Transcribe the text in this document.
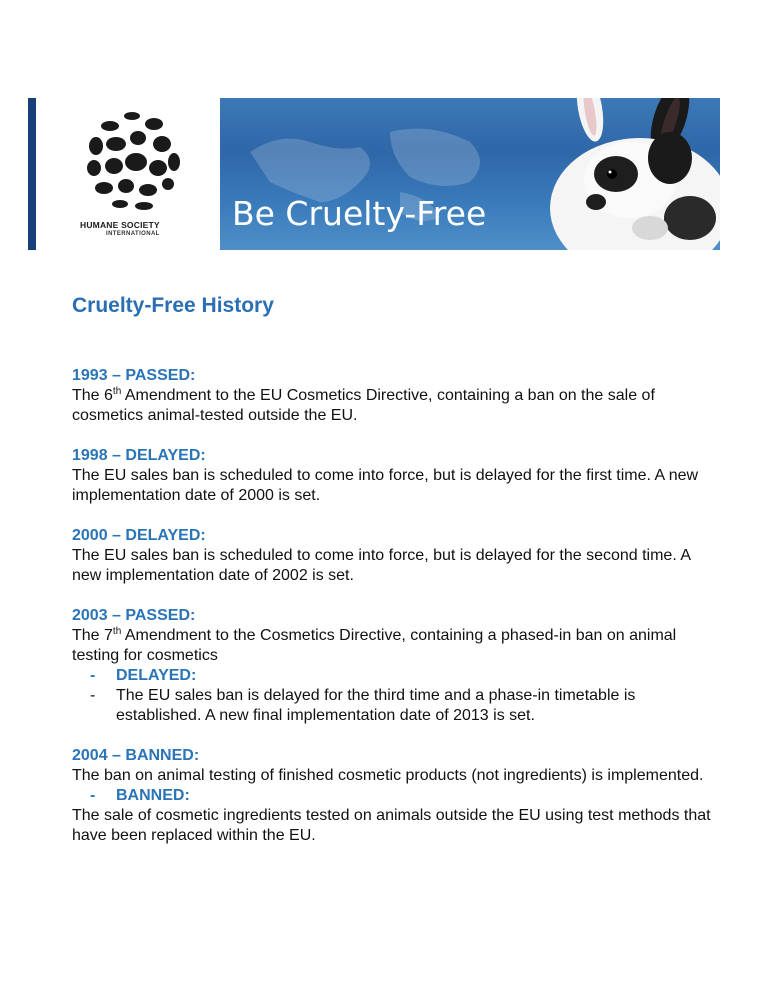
HUMANE SOCIETY
INTERNATIONAL
Be Cruelty-Free
Cruelty-Free History
1993 – PASSED:
The 6th Amendment to the EU Cosmetics Directive, containing a ban on the sale of cosmetics animal-tested outside the EU.
1998 – DELAYED:
The EU sales ban is scheduled to come into force, but is delayed for the first time. A new implementation date of 2000 is set.
2000 – DELAYED:
The EU sales ban is scheduled to come into force, but is delayed for the second time. A new implementation date of 2002 is set.
2003 – PASSED:
The 7th Amendment to the Cosmetics Directive, containing a phased-in ban on animal testing for cosmetics
- DELAYED:
- The EU sales ban is delayed for the third time and a phase-in timetable is established. A new final implementation date of 2013 is set.
2004 – BANNED:
The ban on animal testing of finished cosmetic products (not ingredients) is implemented.
- BANNED:
The sale of cosmetic ingredients tested on animals outside the EU using test methods that have been replaced within the EU.
